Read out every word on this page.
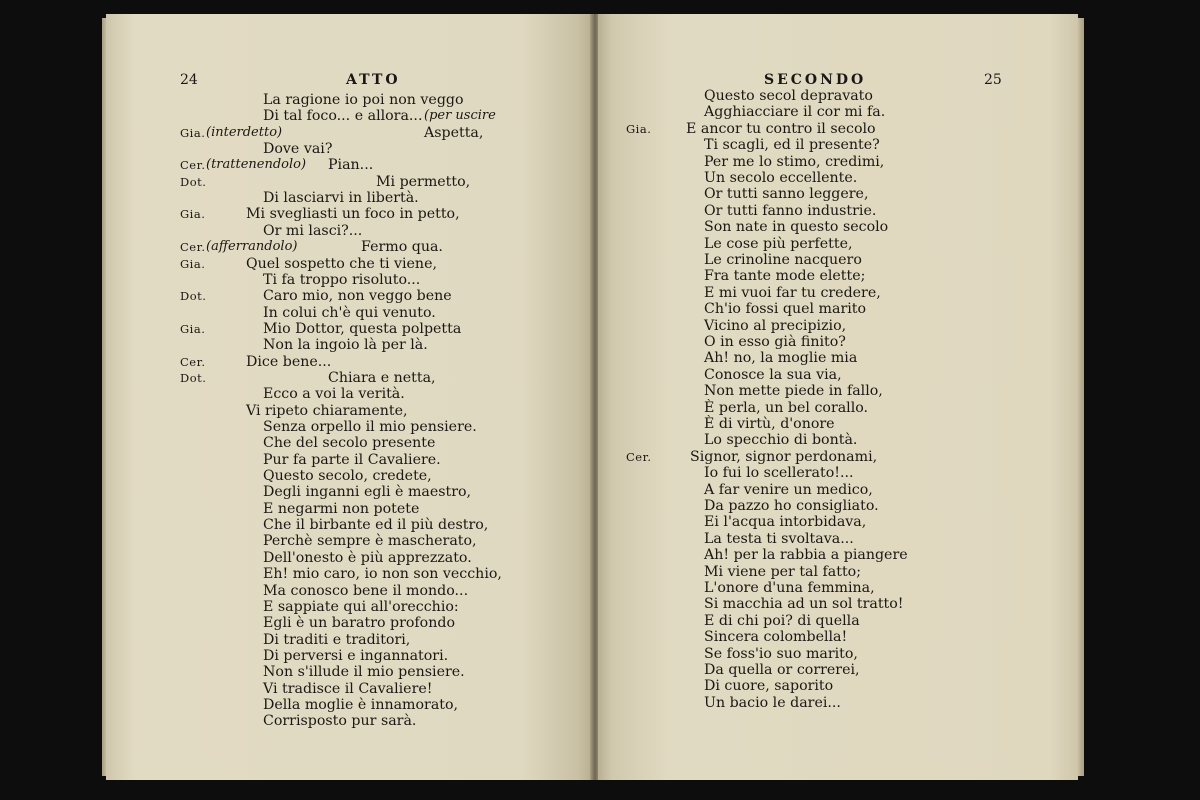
24	ATTO
La ragione io poi non veggo
Di tal foco... e allora... (per uscire
Gia. (interdetto)	Aspetta,
Dove vai?
Cer. (trattenendolo) Pian...
Dot.	Mi permetto,
Di lasciarvi in libertà.
Gia.	Mi svegliasti un foco in petto,
Or mi lasci?...
Cer. (afferrandolo)	Fermo qua.
Gia.	Quel sospetto che ti viene,
Ti fa troppo risoluto...
Dot.	Caro mio, non veggo bene
In colui ch'è qui venuto.
Gia.	Mio Dottor, questa polpetta
Non la ingoio là per là.
Cer.	Dice bene...
Dot.	Chiara e netta,
Ecco a voi la verità.
Vi ripeto chiaramente,
Senza orpello il mio pensiere.
Che del secolo presente
Pur fa parte il Cavaliere.
Questo secolo, credete,
Degli inganni egli è maestro,
E negarmi non potete
Che il birbante ed il più destro,
Perchè sempre è mascherato,
Dell'onesto è più apprezzato.
Eh! mio caro, io non son vecchio,
Ma conosco bene il mondo...
E sappiate qui all'orecchio:
Egli è un baratro profondo
Di traditi e traditori,
Di perversi e ingannatori.
Non s'illude il mio pensiere.
Vi tradisce il Cavaliere!
Della moglie è innamorato,
Corrisposto pur sarà.
SECONDO	25
Questo secol depravato
Agghiacciare il cor mi fa.
Gia. E ancor tu contro il secolo
Ti scagli, ed il presente?
Per me lo stimo, credimi,
Un secolo eccellente.
Or tutti sanno leggere,
Or tutti fanno industrie.
Son nate in questo secolo
Le cose più perfette,
Le crinoline nacquero
Fra tante mode elette;
E mi vuoi far tu credere,
Ch'io fossi quel marito
Vicino al precipizio,
O in esso già finito?
Ah! no, la moglie mia
Conosce la sua via,
Non mette piede in fallo,
È perla, un bel corallo.
È di virtù, d'onore
Lo specchio di bontà.
Cer.	Signor, signor perdonami,
Io fui lo scellerato!...
A far venire un medico,
Da pazzo ho consigliato.
Ei l'acqua intorbidava,
La testa ti svoltava...
Ah! per la rabbia a piangere
Mi viene per tal fatto;
L'onore d'una femmina,
Si macchia ad un sol tratto!
E di chi poi? di quella
Sincera colombella!
Se foss'io suo marito,
Da quella or correrei,
Di cuore, saporito
Un bacio le darei...
